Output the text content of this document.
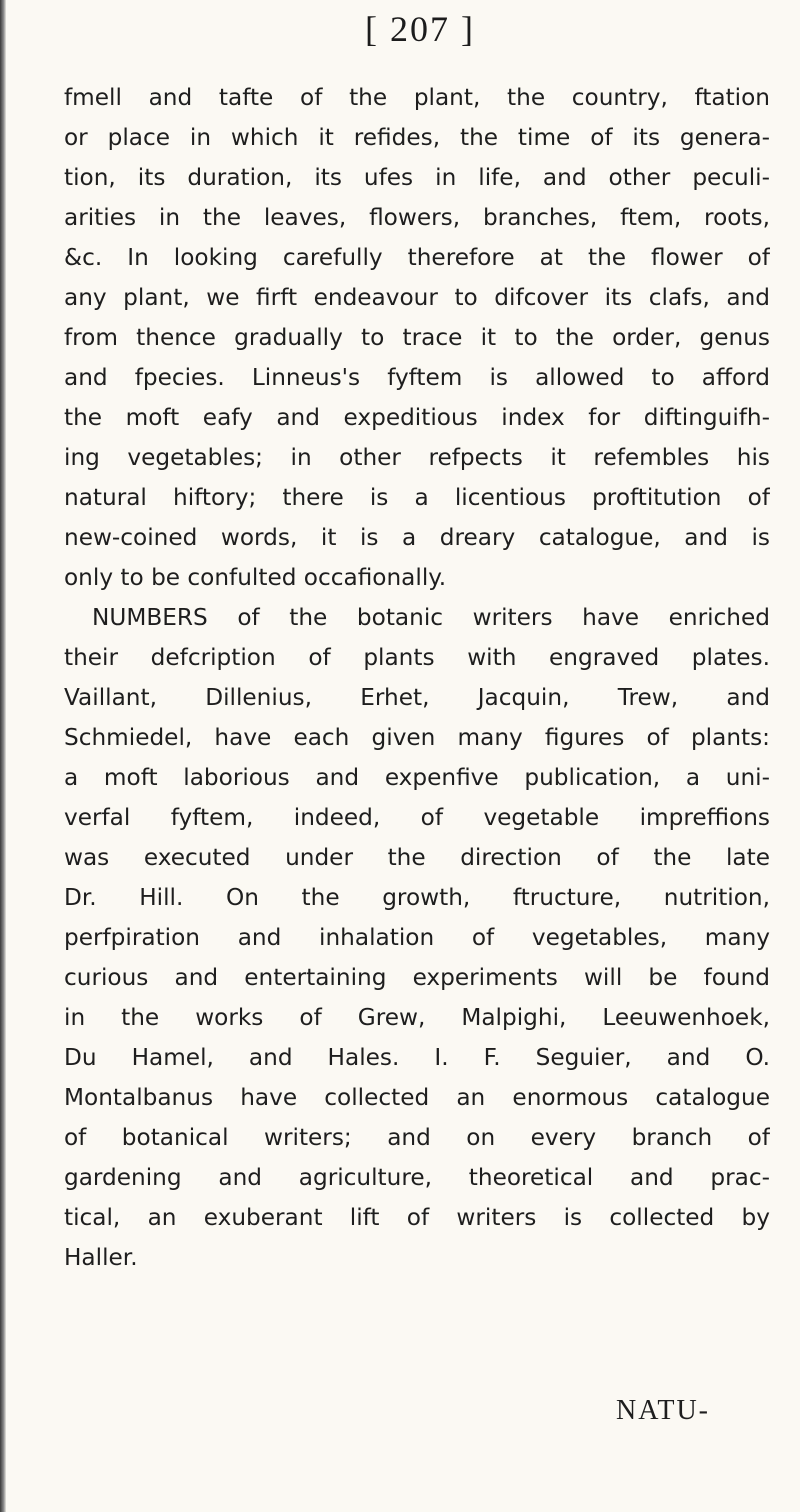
[ 207 ]
fmell and tafte of the plant, the country, ftation
or place in which it refides, the time of its genera-
tion, its duration, its ufes in life, and other peculi-
arities in the leaves, flowers, branches, ftem, roots,
&c. In looking carefully therefore at the flower of
any plant, we firft endeavour to difcover its clafs, and
from thence gradually to trace it to the order, genus
and fpecies. Linneus's fyftem is allowed to afford
the moft eafy and expeditious index for diftinguifh-
ing vegetables; in other refpects it refembles his
natural hiftory; there is a licentious proftitution of
new-coined words, it is a dreary catalogue, and is
only to be confulted occafionally.
NUMBERS of the botanic writers have enriched
their defcription of plants with engraved plates.
Vaillant, Dillenius, Erhet, Jacquin, Trew, and
Schmiedel, have each given many figures of plants:
a moft laborious and expenfive publication, a uni-
verfal fyftem, indeed, of vegetable impreffions
was executed under the direction of the late
Dr. Hill. On the growth, ftructure, nutrition,
perfpiration and inhalation of vegetables, many
curious and entertaining experiments will be found
in the works of Grew, Malpighi, Leeuwenhoek,
Du Hamel, and Hales. I. F. Seguier, and O.
Montalbanus have collected an enormous catalogue
of botanical writers; and on every branch of
gardening and agriculture, theoretical and prac-
tical, an exuberant lift of writers is collected by
Haller.
NATU-
